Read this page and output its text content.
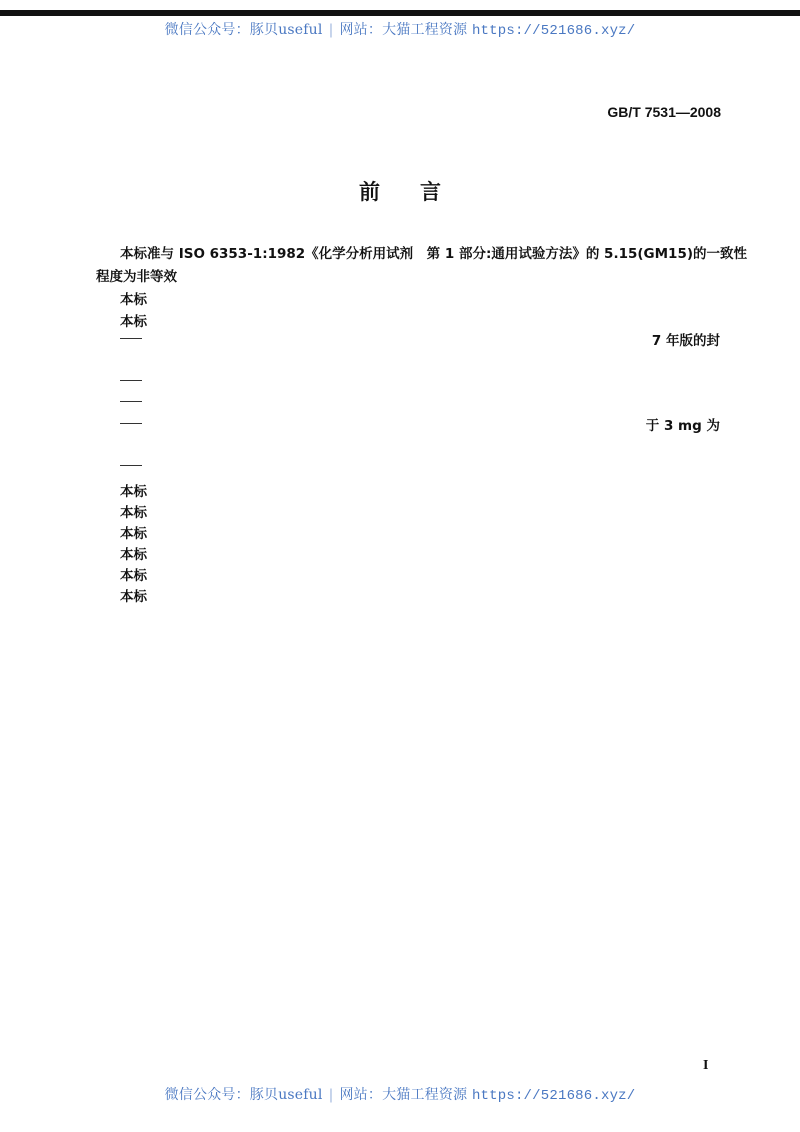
微信公众号：豚贝useful | 网站：大猫工程资源 https://521686.xyz/
GB/T 7531—2008
前言
本标准与 ISO 6353-1:1982《化学分析用试剂　第 1 部分:通用试验方法》的 5.15(GM15)的一致性
程度为非等效
本标
本标
7 年版的封
于 3 mg 为
本标
本标
本标
本标
本标
本标
I
微信公众号：豚贝useful | 网站：大猫工程资源 https://521686.xyz/
